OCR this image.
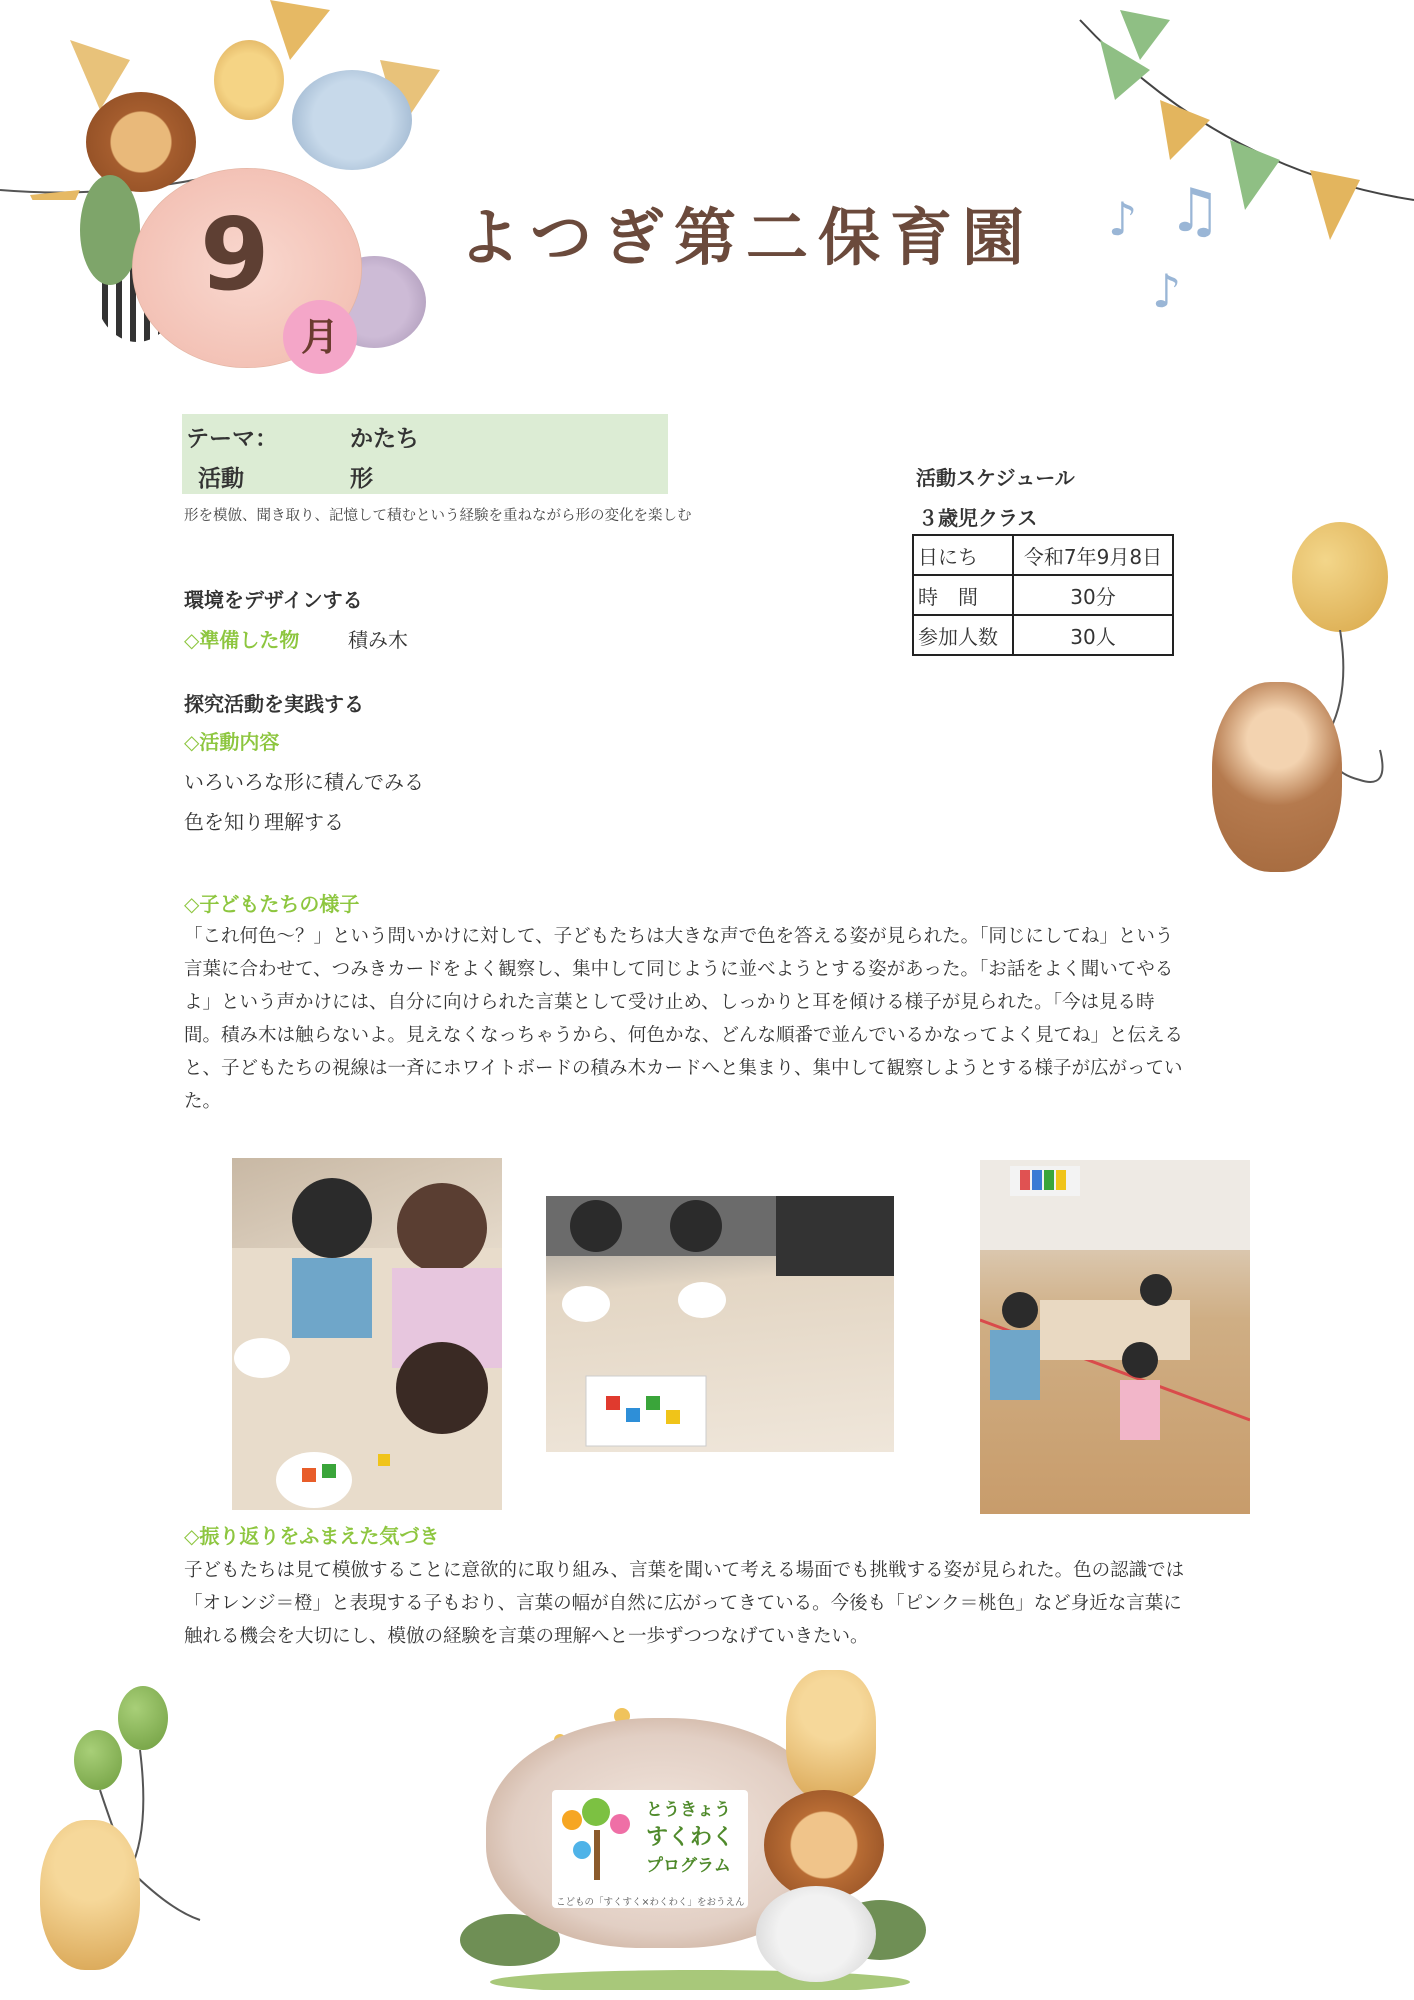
9
月
よつぎ第二保育園 ♪ ♫
♪
テーマ：	かたち
活動	形
形を模倣、聞き取り、記憶して積むという経験を重ねながら形の変化を楽しむ
環境をデザインする
◇準備した物 積み木
探究活動を実践する
◇活動内容
いろいろな形に積んでみる
色を知り理解する
活動スケジュール
３歳児クラス
日にち	令和7年9月8日
時　間	30分
参加人数	30人
◇子どもたちの様子
「これ何色～？」という問いかけに対して、子どもたちは大きな声で色を答える姿が見られた。「同じにしてね」という
言葉に合わせて、つみきカードをよく観察し、集中して同じように並べようとする姿があった。「お話をよく聞いてやる
よ」という声かけには、自分に向けられた言葉として受け止め、しっかりと耳を傾ける様子が見られた。「今は見る時
間。積み木は触らないよ。見えなくなっちゃうから、何色かな、どんな順番で並んでいるかなってよく見てね」と伝える
と、子どもたちの視線は一斉にホワイトボードの積み木カードへと集まり、集中して観察しようとする様子が広がってい
た。
◇振り返りをふまえた気づき
子どもたちは見て模倣することに意欲的に取り組み、言葉を聞いて考える場面でも挑戦する姿が見られた。色の認識では
「オレンジ＝橙」と表現する子もおり、言葉の幅が自然に広がってきている。今後も「ピンク＝桃色」など身近な言葉に
触れる機会を大切にし、模倣の経験を言葉の理解へと一歩ずつつなげていきたい。
とうきょう
すくわく
プログラム
こどもの「すくすく×わくわく」をおうえん
